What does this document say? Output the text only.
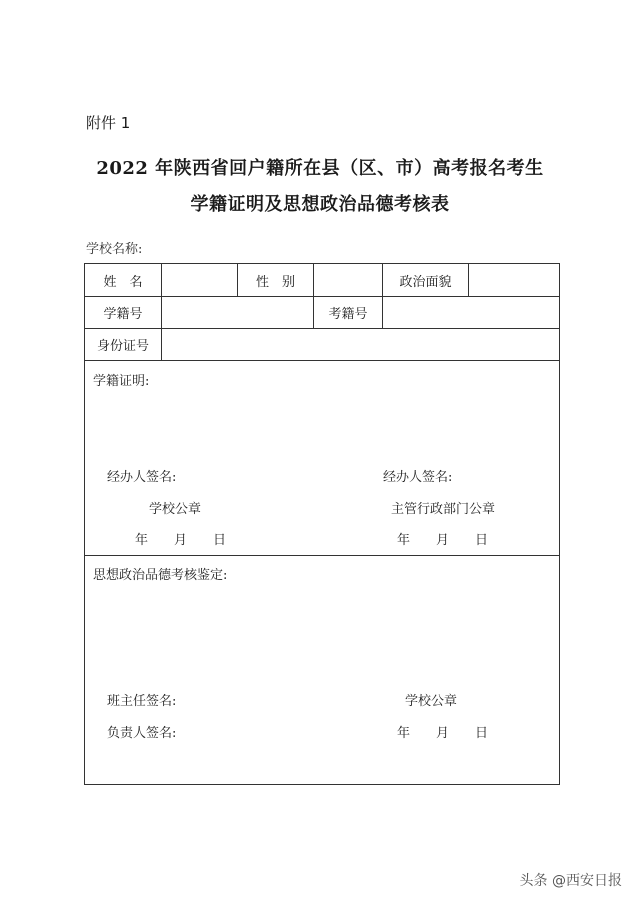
附件 1
2022 年陕西省回户籍所在县（区、市）高考报名考生
学籍证明及思想政治品德考核表
学校名称:
姓　名	性　别	政治面貌
学籍号	考籍号
身份证号
学籍证明:
经办人签名:	经办人签名:
学校公章	主管行政部门公章
年　　月　　日	年　　月　　日
思想政治品德考核鉴定:
班主任签名:
负责人签名:
学校公章
年　　月　　日
头条 @西安日报
